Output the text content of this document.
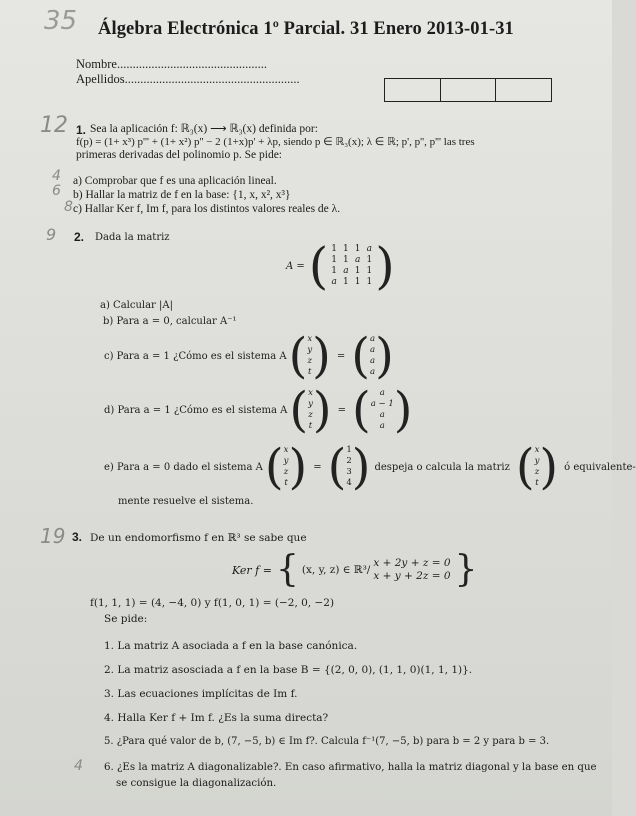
35 Álgebra Electrónica 1º Parcial. 31 Enero 2013-01-31
Nombre................................................
Apellidos........................................................
12 1. Sea la aplicación f: ℝ₃(x) ⟶ ℝ₃(x) definida por:
f(p) = (1+ x³) p''' + (1+ x²) p'' − 2 (1+x)p' + λp, siendo p ∈ ℝ₃(x); λ ∈ ℝ; p', p'', p''' las tres
primeras derivadas del polinomio p. Se pide:
4
6
8
a) Comprobar que f es una aplicación lineal.
b) Hallar la matriz de f en la base: {1, x, x², x³}
c) Hallar Ker f, Im f, para los distintos valores reales de λ.
9 2. Dada la matriz
A = ( 1	1	1	a
1	1	a	1
1	a	1	1
a	1	1	1 )
a) Calcular |A|
b) Para a = 0, calcular A⁻¹
c) Para a = 1 ¿Cómo es el sistema A ( x
y
z
t ) = ( a
a
a
a )
d) Para a = 1 ¿Cómo es el sistema A ( x
y
z
t ) = (	a
a − 1
a
a )
e) Para a = 0 dado el sistema A ( x
y
z
t ) = ( 1
2
3
4 ) despeja o calcula la matriz ( x
y
z
t ) ó equivalente-
mente resuelve el sistema.
19 3. De un endomorfismo f en ℝ³ se sabe que
Ker f = { (x, y, z) ∈ ℝ³/
x + 2y + z = 0
x + y + 2z = 0 }
f(1, 1, 1) = (4, −4, 0) y f(1, 0, 1) = (−2, 0, −2)
Se pide:
1. La matriz A asociada a f en la base canónica.
2. La matriz asosciada a f en la base B = {(2, 0, 0), (1, 1, 0)(1, 1, 1)}.
3. Las ecuaciones implícitas de Im f.
4. Halla Ker f + Im f. ¿Es la suma directa?
5. ¿Para qué valor de b, (7, −5, b) ∈ Im f?. Calcula f⁻¹(7, −5, b) para b = 2 y para b = 3.
4 6. ¿Es la matriz A diagonalizable?. En caso afirmativo, halla la matriz diagonal y la base en que
se consigue la diagonalización.
